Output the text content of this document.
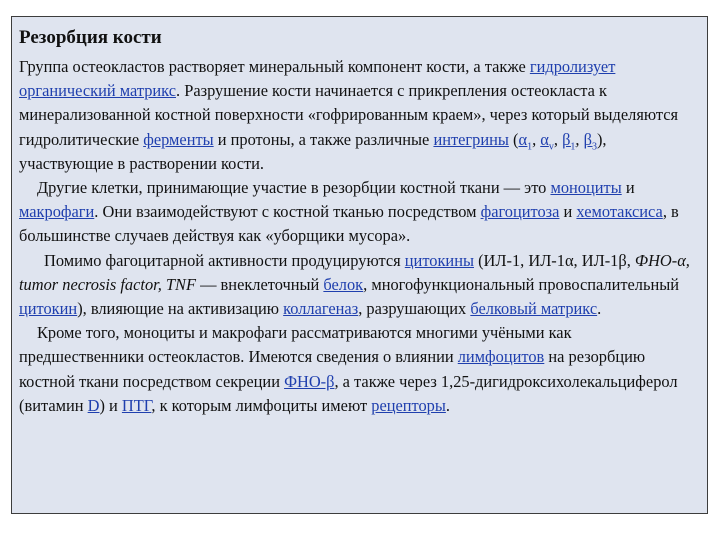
Резорбция кости

Группа остеокластов растворяет минеральный компонент кости, а также гидролизует органический матрикс. Разрушение кости начинается с прикрепления остеокласта к минерализованной костной поверхности «гофрированным краем», через который выделяются гидролитические ферменты и протоны, а также различные интегрины ($\alpha_1$, $\alpha_v$, $\beta_1$, $\beta_3$), участвующие в растворении кости.

Другие клетки, принимающие участие в резорбции костной ткани — это моноциты и макрофаги. Они взаимодействуют с костной тканью посредством фагоцитоза и хемотаксиса, в большинстве случаев действуя как «уборщики мусора».

Помимо фагоцитарной активности продуцируются цитокины (ИЛ-1, ИЛ-1α, ИЛ-1β, ФНО-α, tumor necrosis factor, TNF — внеклеточный белок, многофункциональный провоспалительный цитокин), влияющие на активизацию коллагеназ, разрушающих белковый матрикс.

Кроме того, моноциты и макрофаги рассматриваются многими учёными как предшественники остеокластов. Имеются сведения о влиянии лимфоцитов на резорбцию костной ткани посредством секреции ФНО-β, а также через 1,25-дигидроксихолекальциферол (витамин D) и ПТГ, к которым лимфоциты имеют рецепторы.
